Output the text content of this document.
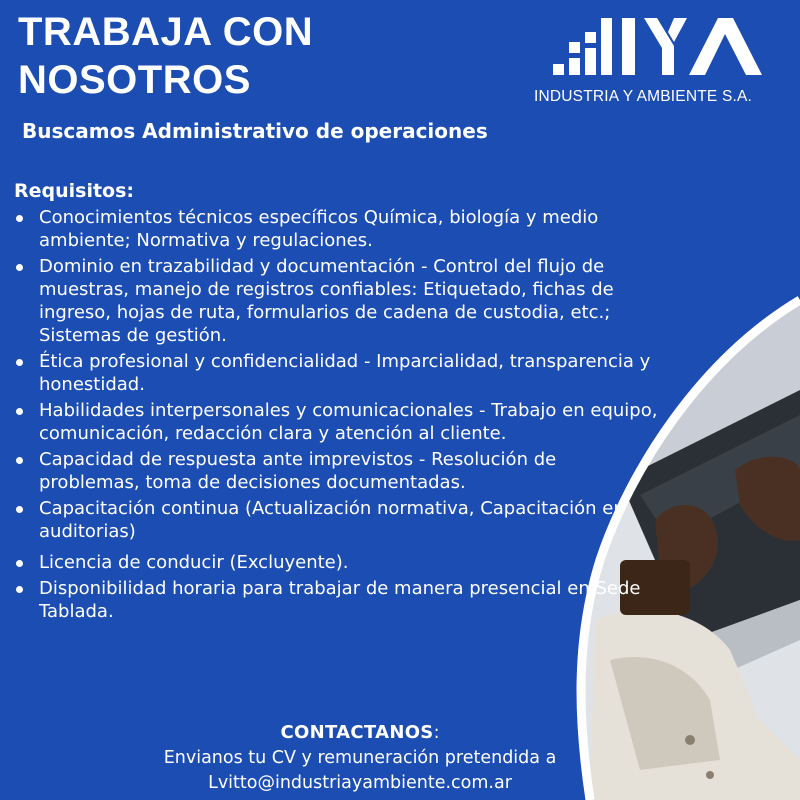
TRABAJA CON
NOSOTROS
Buscamos Administrativo de operaciones
INDUSTRIA Y AMBIENTE S.A.
Requisitos:
Conocimientos técnicos específicos Química, biología y medio ambiente; Normativa y regulaciones.
Dominio en trazabilidad y documentación - Control del flujo de muestras, manejo de registros confiables: Etiquetado, fichas de ingreso, hojas de ruta, formularios de cadena de custodia, etc.; Sistemas de gestión.
Ética profesional y confidencialidad - Imparcialidad, transparencia y honestidad.
Habilidades interpersonales y comunicacionales - Trabajo en equipo, comunicación, redacción clara y atención al cliente.
Capacidad de respuesta ante imprevistos - Resolución de problemas, toma de decisiones documentadas.
Capacitación continua (Actualización normativa, Capacitación en auditorias)
Licencia de conducir (Excluyente).
Disponibilidad horaria para trabajar de manera presencial en Sede Tablada.
CONTACTANOS:
Envianos tu CV y remuneración pretendida a
Lvitto@industriayambiente.com.ar
